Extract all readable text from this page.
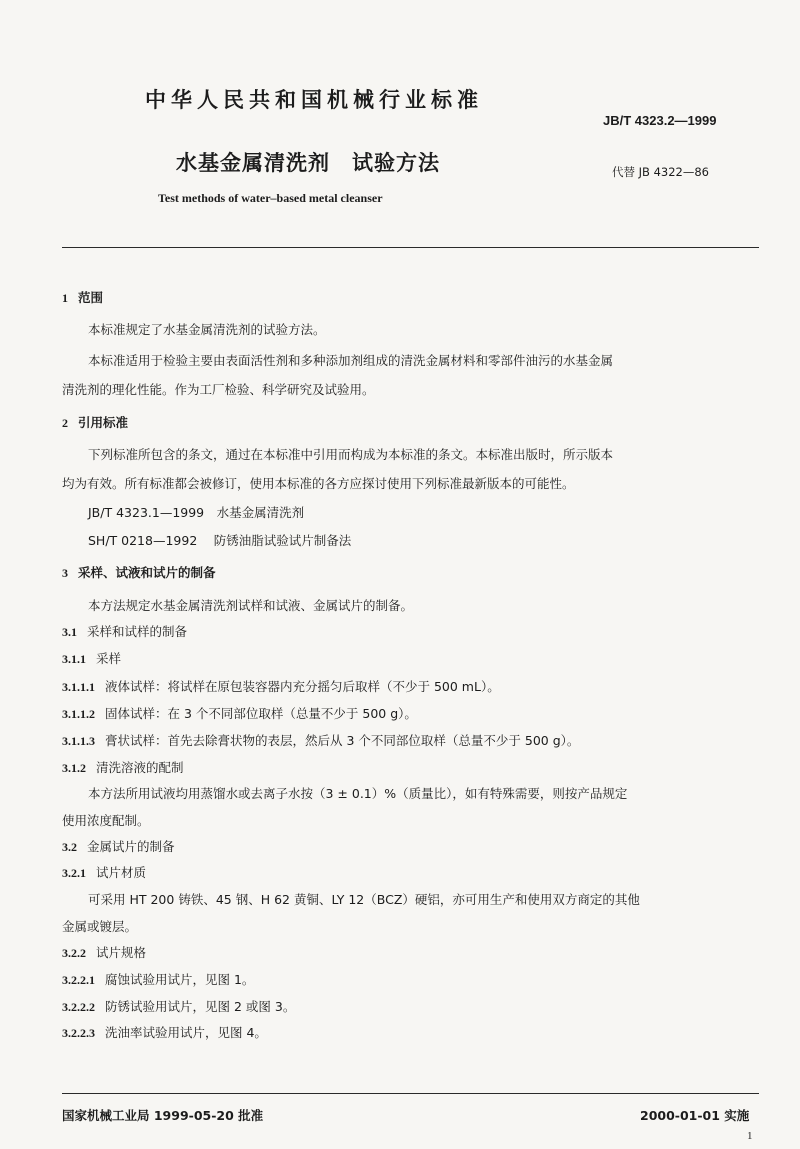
中华人民共和国机械行业标准
JB/T 4323.2—1999
水基金属清洗剂　试验方法	代替 JB 4322—86
Test methods of water–based metal cleanser
1 范围
本标准规定了水基金属清洗剂的试验方法。
本标准适用于检验主要由表面活性剂和多种添加剂组成的清洗金属材料和零部件油污的水基金属
清洗剂的理化性能。作为工厂检验、科学研究及试验用。
2 引用标准
下列标准所包含的条文，通过在本标准中引用而构成为本标准的条文。本标准出版时，所示版本
均为有效。所有标准都会被修订，使用本标准的各方应探讨使用下列标准最新版本的可能性。
JB/T 4323.1—1999　水基金属清洗剂
SH/T 0218—1992　 防锈油脂试验试片制备法
3 采样、试液和试片的制备
本方法规定水基金属清洗剂试样和试液、金属试片的制备。
3.1 采样和试样的制备
3.1.1 采样
3.1.1.1 液体试样：将试样在原包装容器内充分摇匀后取样（不少于 500 mL）。
3.1.1.2 固体试样：在 3 个不同部位取样（总量不少于 500 g）。
3.1.1.3 膏状试样：首先去除膏状物的表层，然后从 3 个不同部位取样（总量不少于 500 g）。
3.1.2 清洗溶液的配制
本方法所用试液均用蒸馏水或去离子水按（3 ± 0.1）%（质量比），如有特殊需要，则按产品规定
使用浓度配制。
3.2 金属试片的制备
3.2.1 试片材质
可采用 HT 200 铸铁、45 钢、H 62 黄铜、LY 12（BCZ）硬铝，亦可用生产和使用双方商定的其他
金属或镀层。
3.2.2 试片规格
3.2.2.1 腐蚀试验用试片，见图 1。
3.2.2.2 防锈试验用试片，见图 2 或图 3。
3.2.2.3 洗油率试验用试片，见图 4。
国家机械工业局 1999-05-20 批准	2000-01-01 实施
1
